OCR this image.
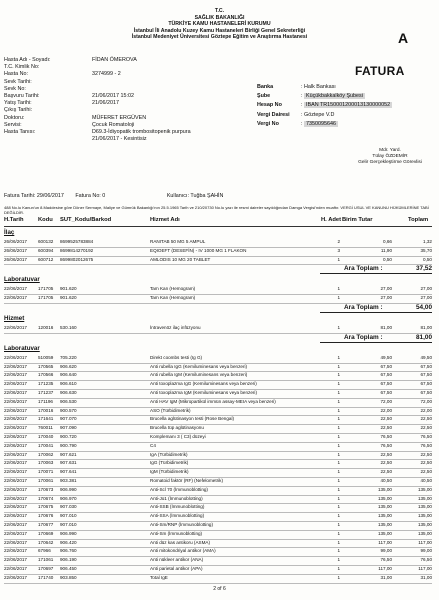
T.C.
SAĞLIK BAKANLIĞI
TÜRKİYE KAMU HASTANELERİ KURUMU
İstanbul İli Anadolu Kuzey Kamu Hastaneleri Birliği Genel Sekreterliği
İstanbul Medeniyet Üniversitesi Göztepe Eğitim ve Araştırma Hastanesi	A
FATURA
Hasta Adı - Soyadı:	FİDAN ÖMEROVA
T.C. Kimlik No:
Hasta No:	3274999 - 2
Sevk Tarihi:
Sevk No:
Başvuru Tarihi:	21/06/2017 15:02
Yatış Tarihi:	21/06/2017
Çıkış Tarihi:
Doktoru:	MÜFERET ERGÜVEN
Servisi:	Çocuk Romatoloji
Hasta Tanısı:	D69.3-İdiyopatik trombositopenik purpura
21/06/2017 - Kesintisiz
Banka	: Halk Bankası
Şube	: Küçükbakkalköy Şubesi
Hesap No	: IBAN TR150001200013130000052
Vergi Dairesi : Göztepe V.D
Vergi No	: 7350095646
Mdr. Yard.
Tülay ÖZDEMİR
Gelir Gerçekleştirme Görevlisi
Fatura Tarihi: 29/06/2017 Fatura No: 0	Kullanıcı: Tuğba ŞAHİN
488 No.lu Kanun'un 8.Maddesine göre Döner Sermaye, Maliye ve Gümrük Bakanlığı'nın 25.5.1965 Tarih ve 210/20730 No.lu yazı ile resmi daireler sayıldığından Damga Vergisi'nden muaftır. VERGİ USUL VE KANUNU HÜKÜMLERİNE TABİ DEĞİLDİR.
H.Tarih Kodu SUT_Kodu/Barkod	Hizmet Adı	H. Adet Birim Tutar	Toplam
İlaç
26/06/2017 600132 8699525783884	RANITAB 50 MG 5 AMPUL	2	0,66	1,32
26/06/2017 600394 8699814270192	EQIOEFT (DESEFİN) - IV 1000 MG 1 FLAKON	3	11,90	35,70
26/06/2017 600712 8699802012675	AMLODIS 10 MG 20 TABLET	1	0,50	0,50
Ara Toplam :	37,52
Laboratuvar
22/06/2017 171705 901.620	Tam Kan (Hemogram)	1	27,00	27,00
22/06/2017 171705 901.620	Tam Kan (Hemogram)	1	27,00	27,00
Ara Toplam :	54,00
Hizmet
22/06/2017 120016 530.160	İntravenöz ilaç infüzyonu	1	81,00	81,00
Ara Toplam :	81,00
Laboratuvar
22/06/2017 510059 705.220	Direkt coombs testi (Ig G)	1	49,50	49,50
22/06/2017 170565 906.620	Anti rubella IgG (Kemiluminesans veya benzeri)	1	67,50	67,50
22/06/2017 170566 906.640	Anti rubella IgM (Kemiluminesans veya benzeri)	1	67,50	67,50
22/06/2017 171235 906.610	Anti toxoplazma IgG (Kemiluminesans veya benzeri)	1	67,50	67,50
22/06/2017 171237 906.630	Anti toxoplazma IgM (Kemiluminesans veya benzeri)	1	67,50	67,50
22/06/2017 171196 906.530	Anti HAV IgM (Mikropartikül immün assay-MEIA veya benzeri)	1	72,00	72,00
22/06/2017 170016 900.570	ASO (Türbidimetrik)	1	22,00	22,00
22/06/2017 171641 907.070	Brucella aglütinasyon testi (Rose Bengal)	1	22,50	22,50
22/06/2017 760011 907.090	Brucella tüp aglütinasyonu	1	22,50	22,50
22/06/2017 170040 900.720	Komplemanı 3 ( C3) düzeyi	1	76,50	76,50
22/06/2017 170041 900.790	C4	1	76,50	76,50
22/06/2017 170062 907.621	IgA (Türbidimetrik)	1	22,50	22,50
22/06/2017 170063 907.631	IgG (Türbidimetrik)	1	22,50	22,50
22/06/2017 170071 907.641	IgM (Türbidimetrik)	1	22,50	22,50
22/06/2017 170061 903.381	Romatoid faktör (RF) (Nefelometrik)	1	40,50	40,50
22/06/2017 170673 906.990	Anti-Scl 70 (İmmunoblotting)	1	135,00	135,00
22/06/2017 170674 906.970	Anti-Jo1 (İmmunoblotting)	1	135,00	135,00
22/06/2017 170675 907.030	Anti-SSB (İmmunoblotting)	1	135,00	135,00
22/06/2017 170676 907.010	Anti-SSA (İmmunoblotting)	1	135,00	135,00
22/06/2017 170677 907.010	Anti-Sm/RNP (İmmunoblotting)	1	135,00	135,00
22/06/2017 170669 906.990	Anti-Sm (İmmunoblotting)	1	135,00	135,00
22/06/2017 170642 906.420	Anti düz kas antikoru (ASMA)	1	117,00	117,00
22/06/2017 67966 906.760	Anti mitokondriyal antikor (AMA)	1	99,00	99,00
22/06/2017 171061 906.190	Anti nükleer antikor (ANA)	1	76,50	76,50
22/06/2017 170697 906.450	Anti parietal antikor (APA)	1	117,00	117,00
22/06/2017 171740 903.850	Total IgE	1	31,00	31,00
2 of 6
